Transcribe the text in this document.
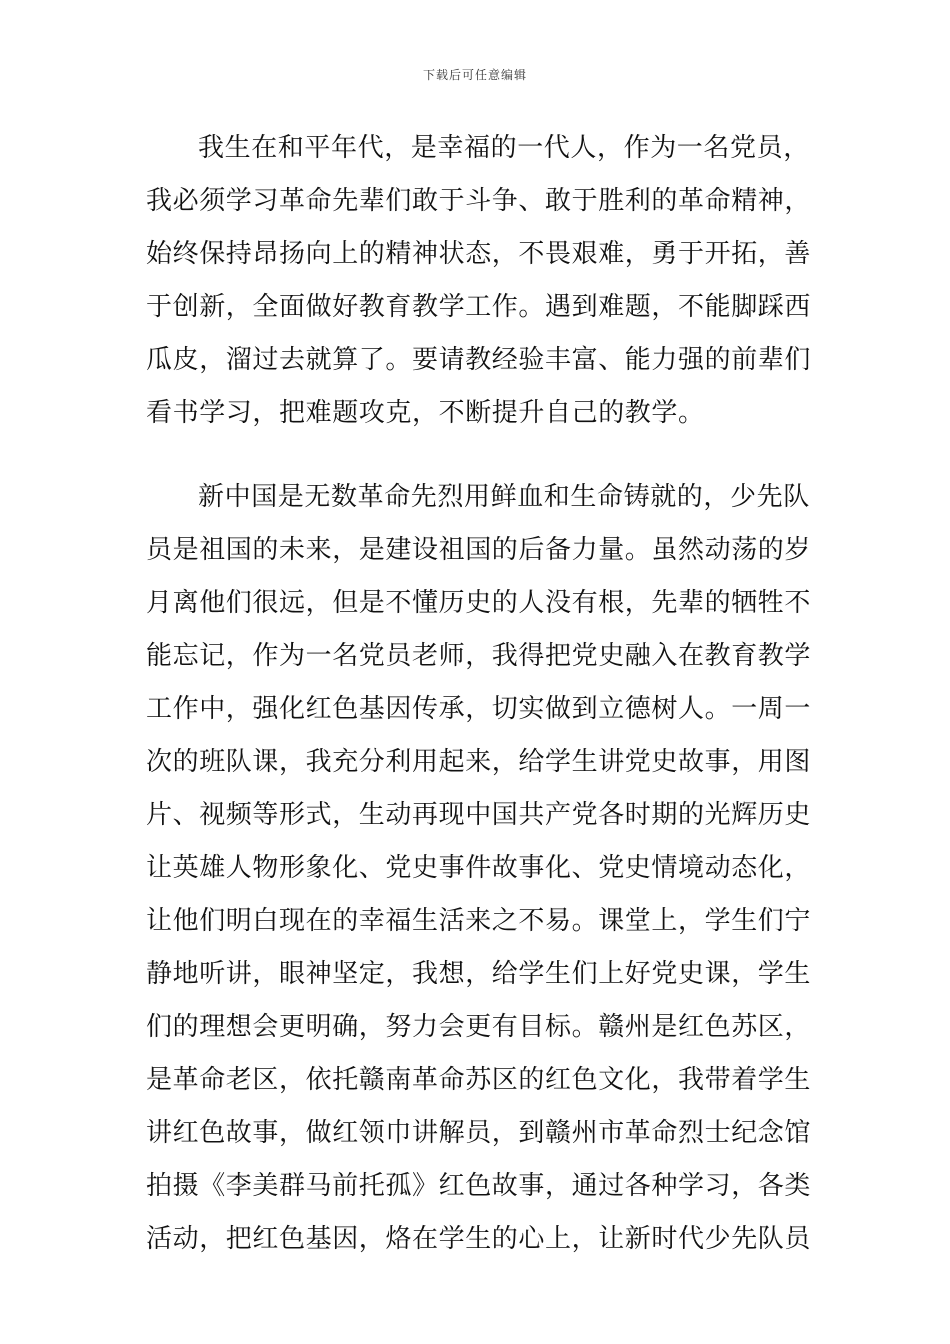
下载后可任意编辑
我生在和平年代，是幸福的一代人，作为一名党员，
我必须学习革命先辈们敢于斗争、敢于胜利的革命精神，
始终保持昂扬向上的精神状态，不畏艰难，勇于开拓，善
于创新，全面做好教育教学工作。遇到难题，不能脚踩西
瓜皮，溜过去就算了。要请教经验丰富、能力强的前辈们
看书学习，把难题攻克，不断提升自己的教学。
新中国是无数革命先烈用鲜血和生命铸就的，少先队
员是祖国的未来，是建设祖国的后备力量。虽然动荡的岁
月离他们很远，但是不懂历史的人没有根，先辈的牺牲不
能忘记，作为一名党员老师，我得把党史融入在教育教学
工作中，强化红色基因传承，切实做到立德树人。一周一
次的班队课，我充分利用起来，给学生讲党史故事，用图
片、视频等形式，生动再现中国共产党各时期的光辉历史
让英雄人物形象化、党史事件故事化、党史情境动态化，
让他们明白现在的幸福生活来之不易。课堂上，学生们宁
静地听讲，眼神坚定，我想，给学生们上好党史课，学生
们的理想会更明确，努力会更有目标。赣州是红色苏区，
是革命老区，依托赣南革命苏区的红色文化，我带着学生
讲红色故事，做红领巾讲解员，到赣州市革命烈士纪念馆
拍摄《李美群马前托孤》红色故事，通过各种学习，各类
活动，把红色基因，烙在学生的心上，让新时代少先队员
